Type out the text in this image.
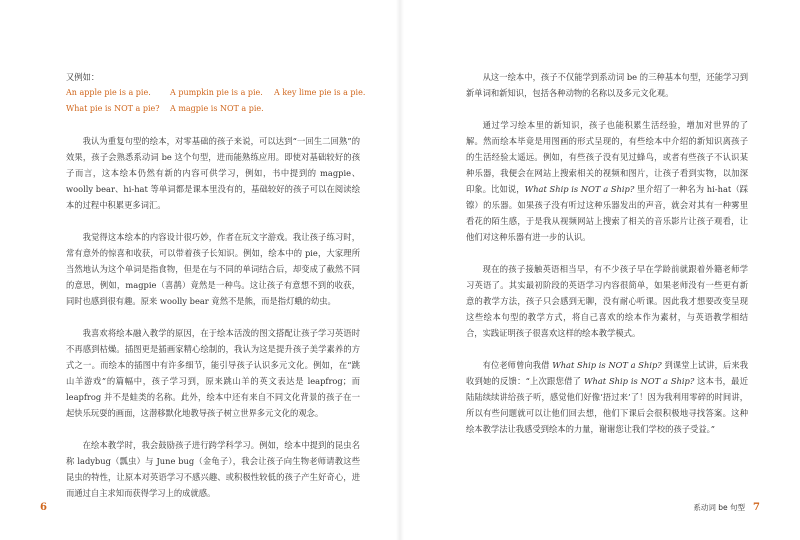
又例如：
An apple pie is a pie.	A pumpkin pie is a pie.	A key lime pie is a pie.
What pie is NOT a pie?	A magpie is NOT a pie.

我认为重复句型的绘本，对零基础的孩子来说，可以达到“一回生二回熟”的效果，孩子会熟悉系动词 be 这个句型，进而能熟练应用。即使对基础较好的孩子而言，这本绘本仍然有新的内容可供学习，例如，书中提到的 magpie、woolly bear、hi-hat 等单词都是课本里没有的，基础较好的孩子可以在阅读绘本的过程中积累更多词汇。

我觉得这本绘本的内容设计很巧妙，作者在玩文字游戏。我让孩子练习时，常有意外的惊喜和收获，可以带着孩子长知识。例如，绘本中的 pie，大家理所当然地认为这个单词是指食物，但是在与不同的单词结合后，却变成了截然不同的意思，例如，magpie（喜鹊）竟然是一种鸟。这让孩子有意想不到的收获，同时也感到很有趣。原来 woolly bear 竟然不是熊，而是指灯蛾的幼虫。

我喜欢将绘本融入教学的原因，在于绘本活泼的图文搭配让孩子学习英语时不再感到枯燥。插图更是插画家精心绘制的，我认为这是提升孩子美学素养的方式之一。而绘本的插图中有许多细节，能引导孩子认识多元文化。例如，在“跳山羊游戏”的篇幅中，孩子学习到，原来跳山羊的英文表达是 leapfrog；而 leapfrog 并不是蛙类的名称。此外，绘本中还有来自不同文化背景的孩子在一起快乐玩耍的画面，这潜移默化地教导孩子树立世界多元文化的观念。

在绘本教学时，我会鼓励孩子进行跨学科学习。例如，绘本中提到的昆虫名称 ladybug（瓢虫）与 June bug（金龟子），我会让孩子向生物老师请教这些昆虫的特性，让原本对英语学习不感兴趣、或积极性较低的孩子产生好奇心，进而通过自主求知而获得学习上的成就感。

6

从这一绘本中，孩子不仅能学到系动词 be 的三种基本句型，还能学习到新单词和新知识，包括各种动物的名称以及多元文化观。

通过学习绘本里的新知识，孩子也能积累生活经验，增加对世界的了解。然而绘本毕竟是用图画的形式呈现的，有些绘本中介绍的新知识离孩子的生活经验太遥远。例如，有些孩子没有见过蜂鸟，或者有些孩子不认识某种乐器，我便会在网站上搜索相关的视频和图片，让孩子看到实物，以加深印象。比如说，What Ship is NOT a Ship? 里介绍了一种名为 hi-hat（踩镲）的乐器。如果孩子没有听过这种乐器发出的声音，就会对其有一种雾里看花的陌生感，于是我从视频网站上搜索了相关的音乐影片让孩子观看，让他们对这种乐器有进一步的认识。

现在的孩子接触英语相当早，有不少孩子早在学龄前就跟着外籍老师学习英语了。其实最初阶段的英语学习内容很简单，如果老师没有一些更有新意的教学方法，孩子只会感到无聊，没有耐心听课。因此我才想要改变呈现这些绘本句型的教学方式，将自己喜欢的绘本作为素材，与英语教学相结合，实践证明孩子很喜欢这样的绘本教学模式。

有位老师曾向我借 What Ship is NOT a Ship? 到课堂上试讲，后来我收到她的反馈：“上次跟您借了 What Ship is NOT a Ship? 这本书，最近陆陆续续讲给孩子听，感觉他们好像‘捂过来’了！因为我利用零碎的时间讲，所以有些问题就可以让他们回去想，他们下课后会很积极地寻找答案。这种绘本教学法让我感受到绘本的力量，谢谢您让我们学校的孩子受益。”

系动词 be 句型 7
